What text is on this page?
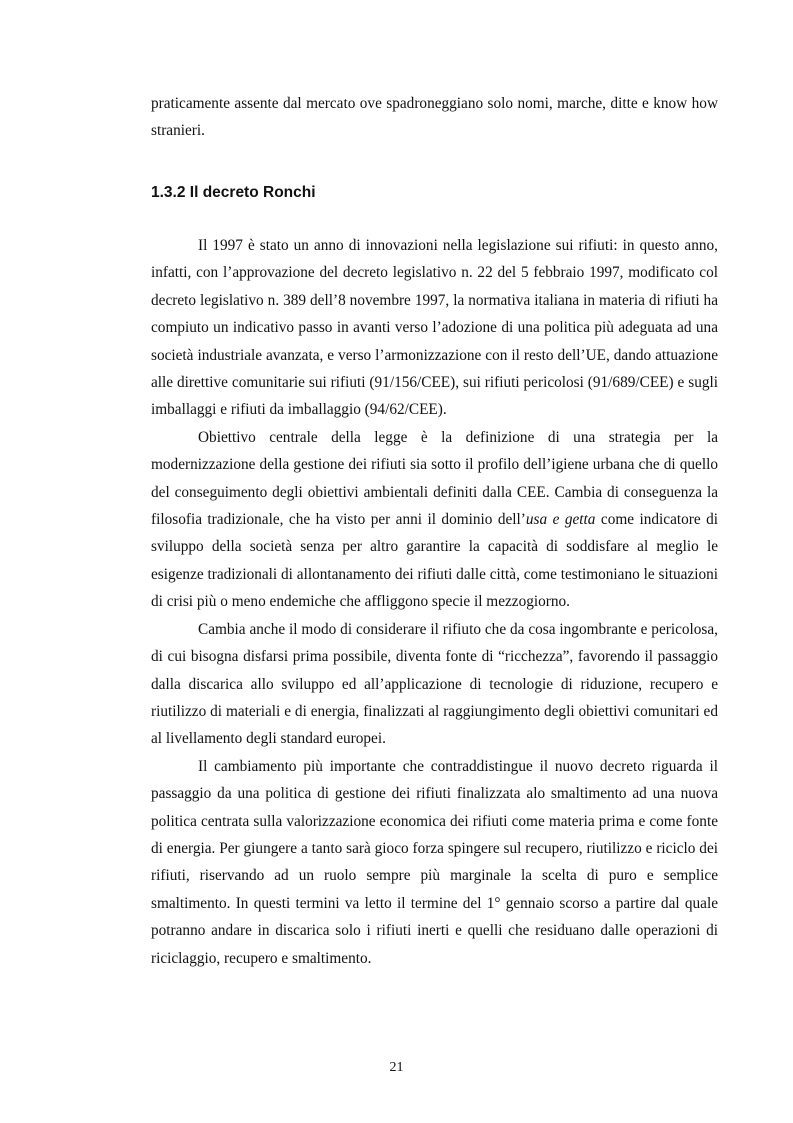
praticamente assente dal mercato ove spadroneggiano solo nomi, marche, ditte e know how stranieri.

1.3.2 Il decreto Ronchi

Il 1997 è stato un anno di innovazioni nella legislazione sui rifiuti: in questo anno, infatti, con l’approvazione del decreto legislativo n. 22 del 5 febbraio 1997, modificato col decreto legislativo n. 389 dell’8 novembre 1997, la normativa italiana in materia di rifiuti ha compiuto un indicativo passo in avanti verso l’adozione di una politica più adeguata ad una società industriale avanzata, e verso l’armonizzazione con il resto dell’UE, dando attuazione alle direttive comunitarie sui rifiuti (91/156/CEE), sui rifiuti pericolosi (91/689/CEE) e sugli imballaggi e rifiuti da imballaggio (94/62/CEE).

Obiettivo centrale della legge è la definizione di una strategia per la modernizzazione della gestione dei rifiuti sia sotto il profilo dell’igiene urbana che di quello del conseguimento degli obiettivi ambientali definiti dalla CEE. Cambia di conseguenza la filosofia tradizionale, che ha visto per anni il dominio dell’usa e getta come indicatore di sviluppo della società senza per altro garantire la capacità di soddisfare al meglio le esigenze tradizionali di allontanamento dei rifiuti dalle città, come testimoniano le situazioni di crisi più o meno endemiche che affliggono specie il mezzogiorno.

Cambia anche il modo di considerare il rifiuto che da cosa ingombrante e pericolosa, di cui bisogna disfarsi prima possibile, diventa fonte di “ricchezza”, favorendo il passaggio dalla discarica allo sviluppo ed all’applicazione di tecnologie di riduzione, recupero e riutilizzo di materiali e di energia, finalizzati al raggiungimento degli obiettivi comunitari ed al livellamento degli standard europei.

Il cambiamento più importante che contraddistingue il nuovo decreto riguarda il passaggio da una politica di gestione dei rifiuti finalizzata alo smaltimento ad una nuova politica centrata sulla valorizzazione economica dei rifiuti come materia prima e come fonte di energia. Per giungere a tanto sarà gioco forza spingere sul recupero, riutilizzo e riciclo dei rifiuti, riservando ad un ruolo sempre più marginale la scelta di puro e semplice smaltimento. In questi termini va letto il termine del 1° gennaio scorso a partire dal quale potranno andare in discarica solo i rifiuti inerti e quelli che residuano dalle operazioni di riciclaggio, recupero e smaltimento.

21
